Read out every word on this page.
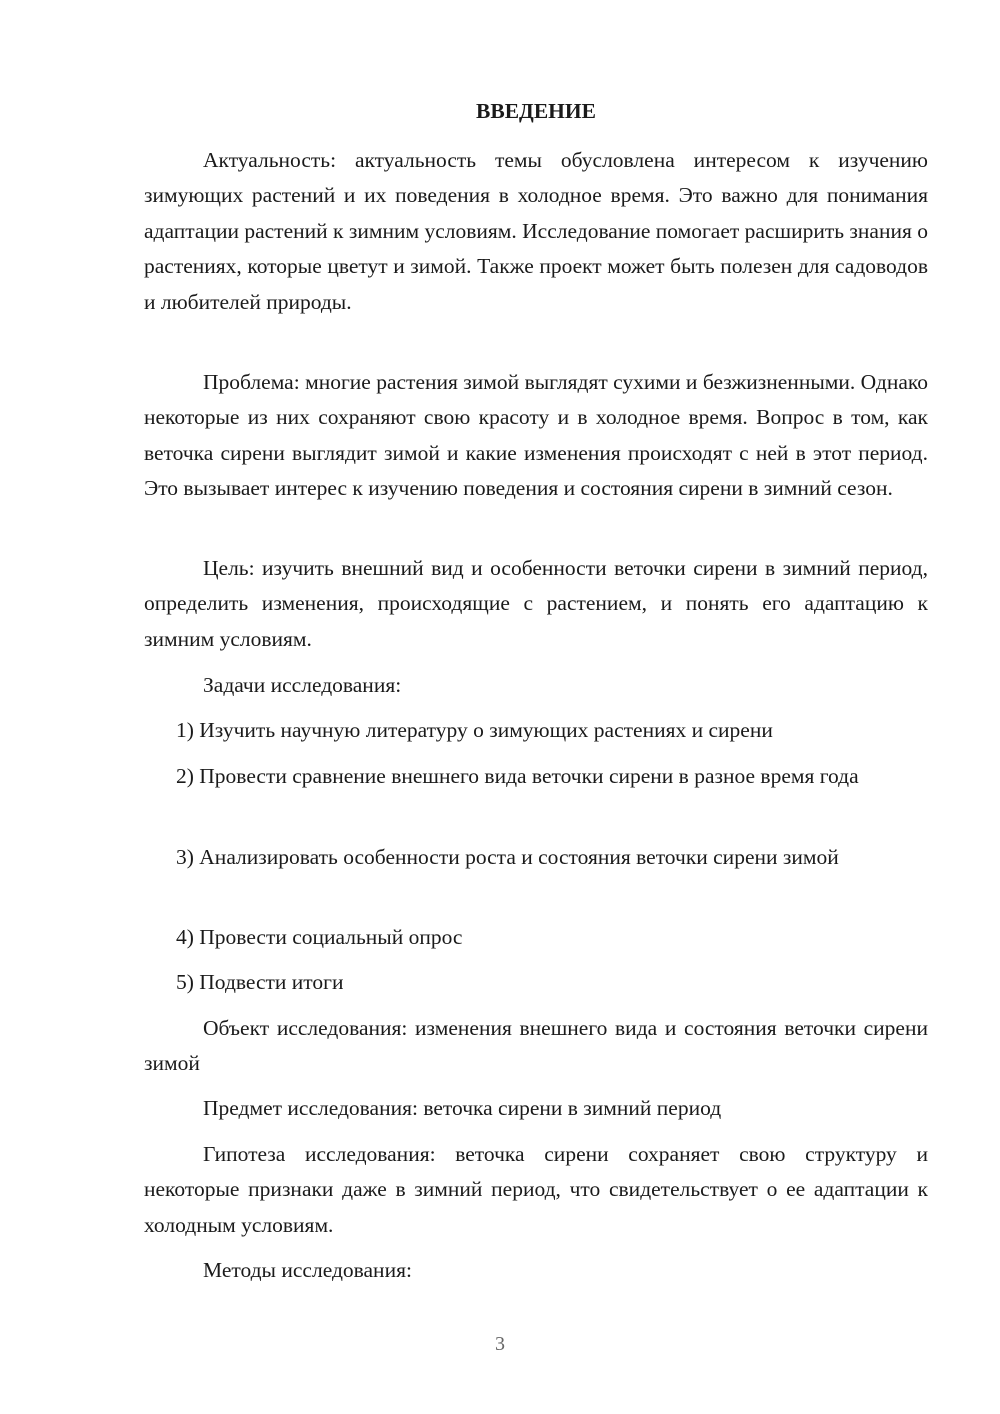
ВВЕДЕНИЕ

Актуальность: актуальность темы обусловлена интересом к изучению зимующих растений и их поведения в холодное время. Это важно для понимания адаптации растений к зимним условиям. Исследование помогает расширить знания о растениях, которые цветут и зимой. Также проект может быть полезен для садоводов и любителей природы.

Проблема: многие растения зимой выглядят сухими и безжизненными. Однако некоторые из них сохраняют свою красоту и в холодное время. Вопрос в том, как веточка сирени выглядит зимой и какие изменения происходят с ней в этот период. Это вызывает интерес к изучению поведения и состояния сирени в зимний сезон.

Цель: изучить внешний вид и особенности веточки сирени в зимний период, определить изменения, происходящие с растением, и понять его адаптацию к зимним условиям.

Задачи исследования:

1) Изучить научную литературу о зимующих растениях и сирени

2) Провести сравнение внешнего вида веточки сирени в разное время года

3) Анализировать особенности роста и состояния веточки сирени зимой

4) Провести социальный опрос

5) Подвести итоги

Объект исследования: изменения внешнего вида и состояния веточки сирени зимой

Предмет исследования: веточка сирени в зимний период

Гипотеза исследования: веточка сирени сохраняет свою структуру и некоторые признаки даже в зимний период, что свидетельствует о ее адаптации к холодным условиям.

Методы исследования:

3
